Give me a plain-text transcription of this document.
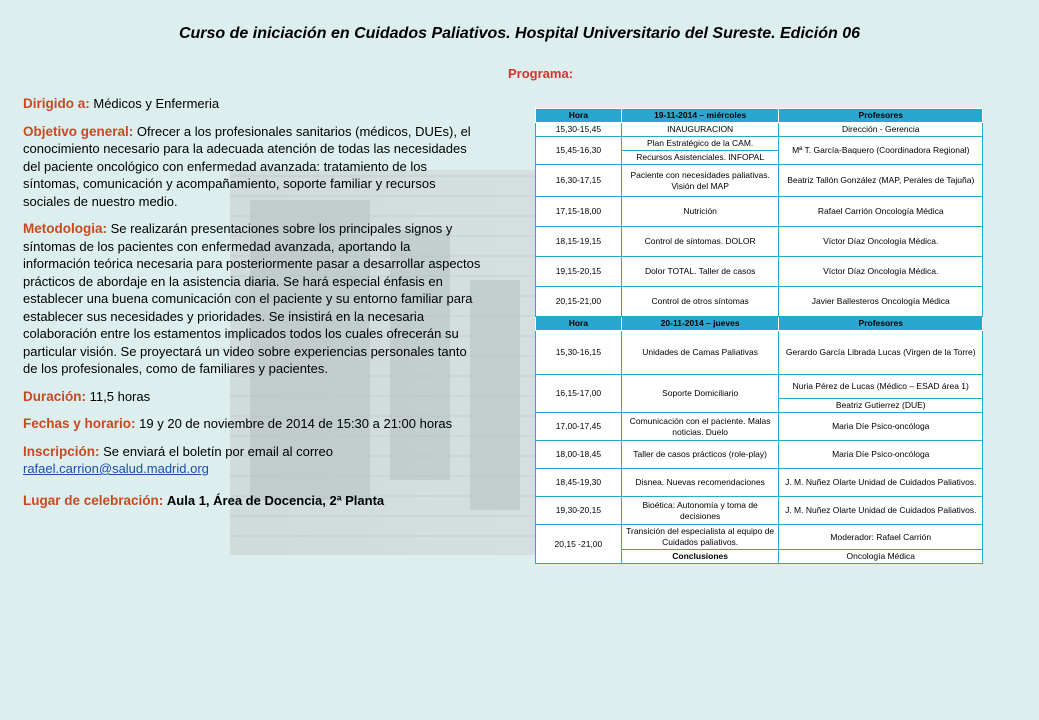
Curso de iniciación en Cuidados Paliativos. Hospital Universitario del Sureste. Edición 06

Programa:

Dirigido a: Médicos y Enfermeria

Objetivo general: Ofrecer a los profesionales sanitarios (médicos, DUEs), el conocimiento necesario para la adecuada atención de todas las necesidades del paciente oncológico con enfermedad avanzada: tratamiento de los síntomas, comunicación y acompañamiento, soporte familiar y recursos sociales de nuestro medio.

Metodologia: Se realizarán presentaciones sobre los principales signos y síntomas de los pacientes con enfermedad avanzada, aportando la información teórica necesaria para posteriormente pasar a desarrollar aspectos prácticos de abordaje en la asistencia diaria. Se hará especial énfasis en establecer una buena comunicación con el paciente y su entorno familiar para establecer sus necesidades y prioridades. Se insistirá en la necesaria colaboración entre los estamentos implicados todos los cuales ofrecerán su particular visión. Se proyectará un video sobre experiencias personales tanto de los profesionales, como de familiares y pacientes.

Duración: 11,5 horas

Fechas y horario: 19 y 20 de noviembre de 2014 de 15:30 a 21:00 horas

Inscripción: Se enviará el boletín por email al correo
rafael.carrion@salud.madrid.org

Lugar de celebración: Aula 1, Área de Docencia, 2ª Planta

Hora	19-11-2014 – miércoles	Profesores
15,30-15,45	INAUGURACION	Dirección - Gerencia
15,45-16,30	Plan Estratégico de la CAM.	Mª T. García-Baquero (Coordinadora Regional)
	Recursos Asistenciales. INFOPAL	
16,30-17,15	Paciente con necesidades paliativas. Visión del MAP	Beatriz Tallón González (MAP, Perales de Tajuña)
17,15-18,00	Nutrición	Rafael Carrión Oncología Médica
18,15-19,15	Control de síntomas. DOLOR	Víctor Díaz Oncología Médica.
19,15-20,15	Dolor TOTAL. Taller de casos	Víctor Díaz Oncología Médica.
20,15-21,00	Control de otros síntomas	Javier Ballesteros Oncología Médica
Hora	20-11-2014 – jueves	Profesores
15,30-16,15	Unidades de Camas Paliativas	Gerardo García Librada Lucas (Virgen de la Torre)
16,15-17,00	Soporte Domiciliario	Nuria Pérez de Lucas (Médico – ESAD área 1)
		Beatriz Gutierrez (DUE)
17,00-17,45	Comunicación con el paciente. Malas noticias. Duelo	Maria Díe Psico-oncóloga
18,00-18,45	Taller de casos prácticos (role-play)	Maria Díe Psico-oncóloga
18,45-19,30	Disnea. Nuevas recomendaciones	J. M. Nuñez Olarte Unidad de Cuidados Paliativos.
19,30-20,15	Bioética: Autonomía y toma de decisiones	J. M. Nuñez Olarte Unidad de Cuidados Paliativos.
20,15 -21,00	Transición del especialista al equipo de Cuidados paliativos.	Moderador: Rafael Carrión
	Conclusiones	Oncología Médica
